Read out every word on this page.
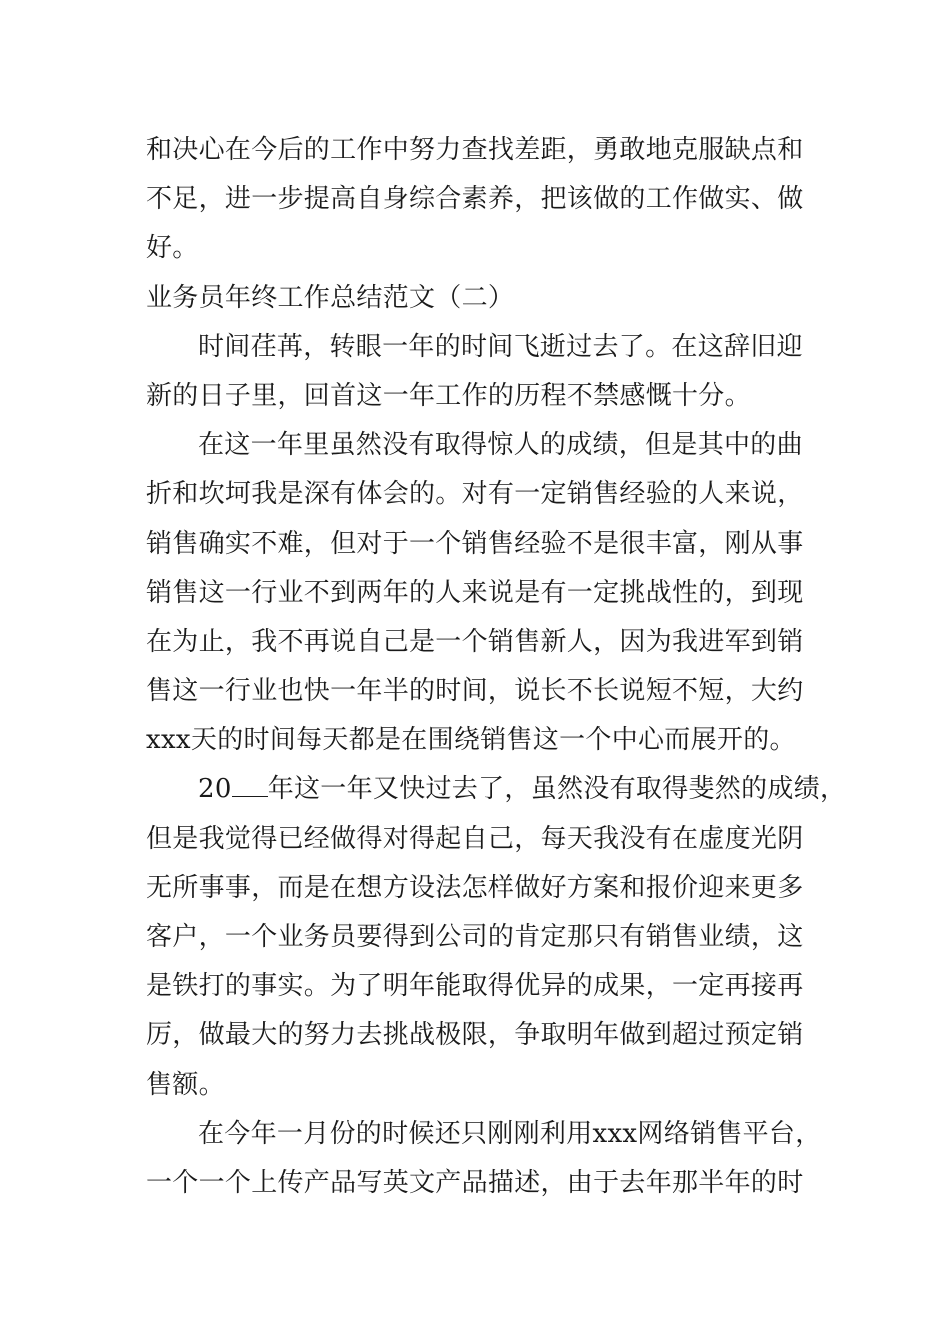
和决心在今后的工作中努力查找差距，勇敢地克服缺点和
不足，进一步提高自身综合素养，把该做的工作做实、做
好。
业务员年终工作总结范文（二）
时间荏苒，转眼一年的时间飞逝过去了。在这辞旧迎
新的日子里，回首这一年工作的历程不禁感慨十分。
在这一年里虽然没有取得惊人的成绩，但是其中的曲
折和坎坷我是深有体会的。对有一定销售经验的人来说，
销售确实不难，但对于一个销售经验不是很丰富，刚从事
销售这一行业不到两年的人来说是有一定挑战性的，到现
在为止，我不再说自己是一个销售新人，因为我进军到销
售这一行业也快一年半的时间，说长不长说短不短，大约
xxx天的时间每天都是在围绕销售这一个中心而展开的。
20 年这一年又快过去了，虽然没有取得斐然的成绩，
但是我觉得已经做得对得起自己，每天我没有在虚度光阴
无所事事，而是在想方设法怎样做好方案和报价迎来更多
客户，一个业务员要得到公司的肯定那只有销售业绩，这
是铁打的事实。为了明年能取得优异的成果，一定再接再
厉，做最大的努力去挑战极限，争取明年做到超过预定销
售额。
在今年一月份的时候还只刚刚利用xxx网络销售平台，
一个一个上传产品写英文产品描述，由于去年那半年的时
